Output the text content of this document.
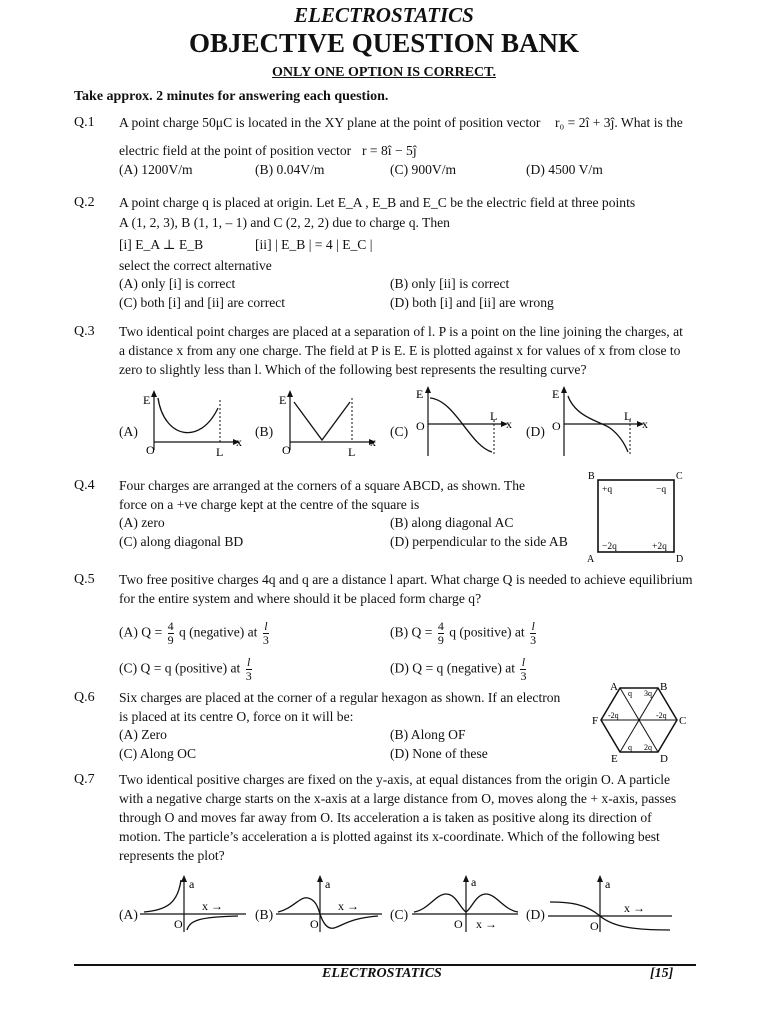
ELECTROSTATICS
OBJECTIVE QUESTION BANK
ONLY ONE OPTION IS CORRECT.
Take approx. 2 minutes for answering each question.
Q.1 A point charge 50μC is located in the XY plane at the point of position vector r₀ = 2î + 3ĵ. What is the
electric field at the point of position vector r = 8î − 5ĵ
(A) 1200V/m	(B) 0.04V/m	(C) 900V/m	(D) 4500 V/m
Q.2 A point charge q is placed at origin. Let E_A , E_B and E_C be the electric field at three points
A (1, 2, 3), B (1, 1, – 1) and C (2, 2, 2) due to charge q. Then
[i] E_A ⊥ E_B	[ii] | E_B | = 4 | E_C |
select the correct alternative
(A) only [i] is correct	(B) only [ii] is correct
(C) both [i] and [ii] are correct	(D) both [i] and [ii] are wrong
Q.3 Two identical point charges are placed at a separation of l. P is a point on the line joining the charges, at
a distance x from any one charge. The field at P is E. E is plotted against x for values of x from close to
zero to slightly less than l. Which of the following best represents the resulting curve?
(A)
E
O	L
x
(B)
E
O	L
x
(C)
E
O
L
x (D)
E
O
L
x
Q.4 Four charges are arranged at the corners of a square ABCD, as shown. The
force on a +ve charge kept at the centre of the square is
(A) zero	(B) along diagonal AC
(C) along diagonal BD	(D) perpendicular to the side AB
B	C
A	D
+q	−q
−2q	+2q
Q.5 Two free positive charges 4q and q are a distance l apart. What charge Q is needed to achieve equilibrium
for the entire system and where should it be placed form charge q?
(A) $Q = \frac{4}{9}$ q (negative) at $\frac{l}{3}$	(B) $Q = \frac{4}{9}$ q (positive) at $\frac{l}{3}$
(C) Q = q (positive) at $\frac{l}{3}$	(D) Q = q (negative) at $\frac{l}{3}$
Q.6 Six charges are placed at the corner of a regular hexagon as shown. If an electron
is placed at its centre O, force on it will be:
(A) Zero	(B) Along OF
(C) Along OC	(D) None of these
A	B
C
D
E
F
q 3q
-2q
2q
q
-2q
Q.7 Two identical positive charges are fixed on the y-axis, at equal distances from the origin O. A particle
with a negative charge starts on the x-axis at a large distance from O, moves along the + x-axis, passes
through O and moves far away from O. Its acceleration a is taken as positive along its direction of
motion. The particle’s acceleration a is plotted against its x-coordinate. Which of the following best
represents the plot?
(A)
a
O
x →
(B)
a
O
x →
(C)
a
O x →
(D)
a
O
x →
ELECTROSTATICS	[15]
